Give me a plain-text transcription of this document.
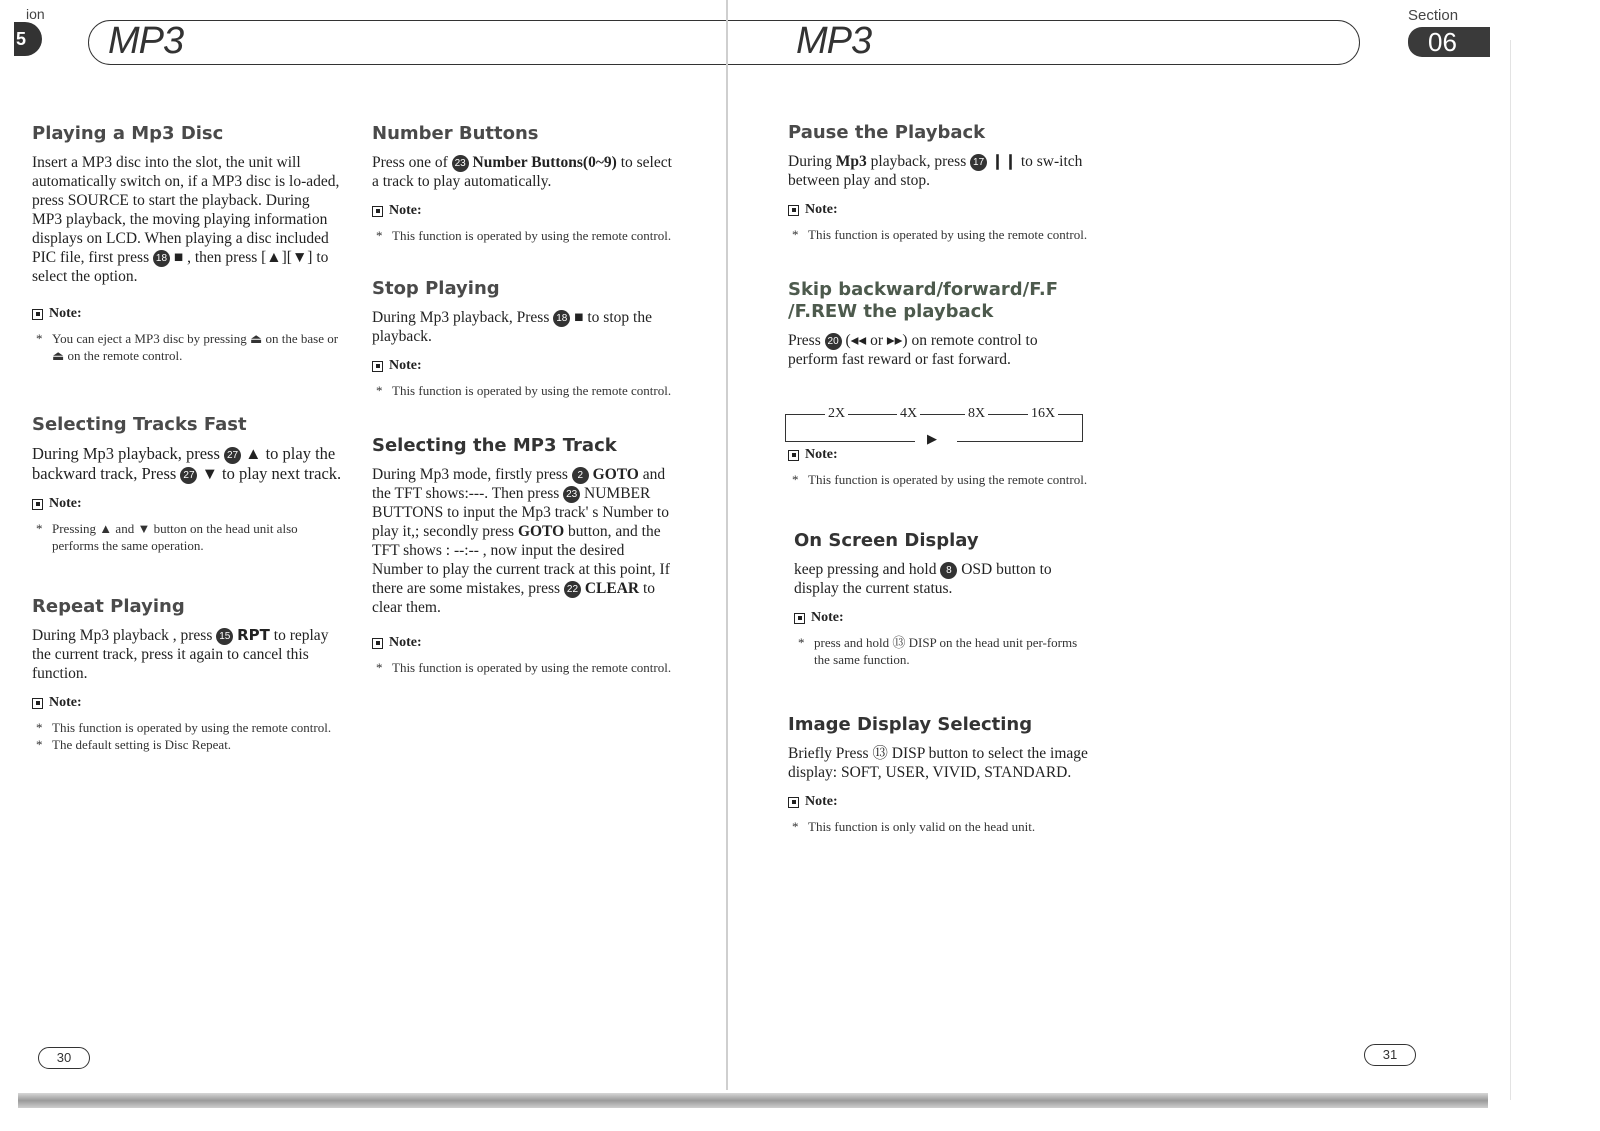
ion
5	MP3	MP3
Section
06
Playing a Mp3 Disc

Insert a MP3 disc into the slot, the unit will automatically switch on, if a MP3 disc is lo-aded, press SOURCE to start the playback. During MP3 playback, the moving playing information displays on LCD. When playing a disc included PIC file, first press 18 ■ , then press [▲][▼] to select the option.

Note:
* You can eject a MP3 disc by pressing ⏏ on the base or ⏏ on the remote control.
Selecting Tracks Fast

During Mp3 playback, press 27 ▲ to play the backward track, Press 27 ▼ to play next track.

Note:
* Pressing ▲ and ▼ button on the head unit also performs the same operation.
Repeat Playing

During Mp3 playback , press 15 RPT to replay the current track, press it again to cancel this function.

Note:
* This function is operated by using the remote control.
* The default setting is Disc Repeat.
Number Buttons

Press one of 23 Number Buttons(0~9) to select a track to play automatically.

Note:
* This function is operated by using the remote control.
Stop Playing

During Mp3 playback, Press 18 ■ to stop the playback.

Note:
* This function is operated by using the remote control.
Selecting the MP3 Track

During Mp3 mode, firstly press 2 GOTO and the TFT shows:---. Then press 23 NUMBER BUTTONS to input the Mp3 track' s Number to play it,; secondly press GOTO button, and the TFT shows : --:-- , now input the desired Number to play the current track at this point, If there are some mistakes, press 22 CLEAR to clear them.

Note:
* This function is operated by using the remote control.
Pause the Playback

During Mp3 playback, press 17 ❙❙ to sw-itch between play and stop.

Note:
* This function is operated by using the remote control.
Skip backward/forward/F.F /F.REW the playback

Press 20 (◂◂ or ▸▸) on remote control to perform fast reward or fast forward.

Note:
* This function is operated by using the remote control.
On Screen Display

keep pressing and hold 8 OSD button to display the current status.

Note:
* press and hold ⑬ DISP on the head unit per-forms the same function.
Image Display Selecting

Briefly Press ⑬ DISP button to select the image display: SOFT, USER, VIVID, STANDARD.

Note:
* This function is only valid on the head unit.
2X	4X	8X	16X
▶
30	31
